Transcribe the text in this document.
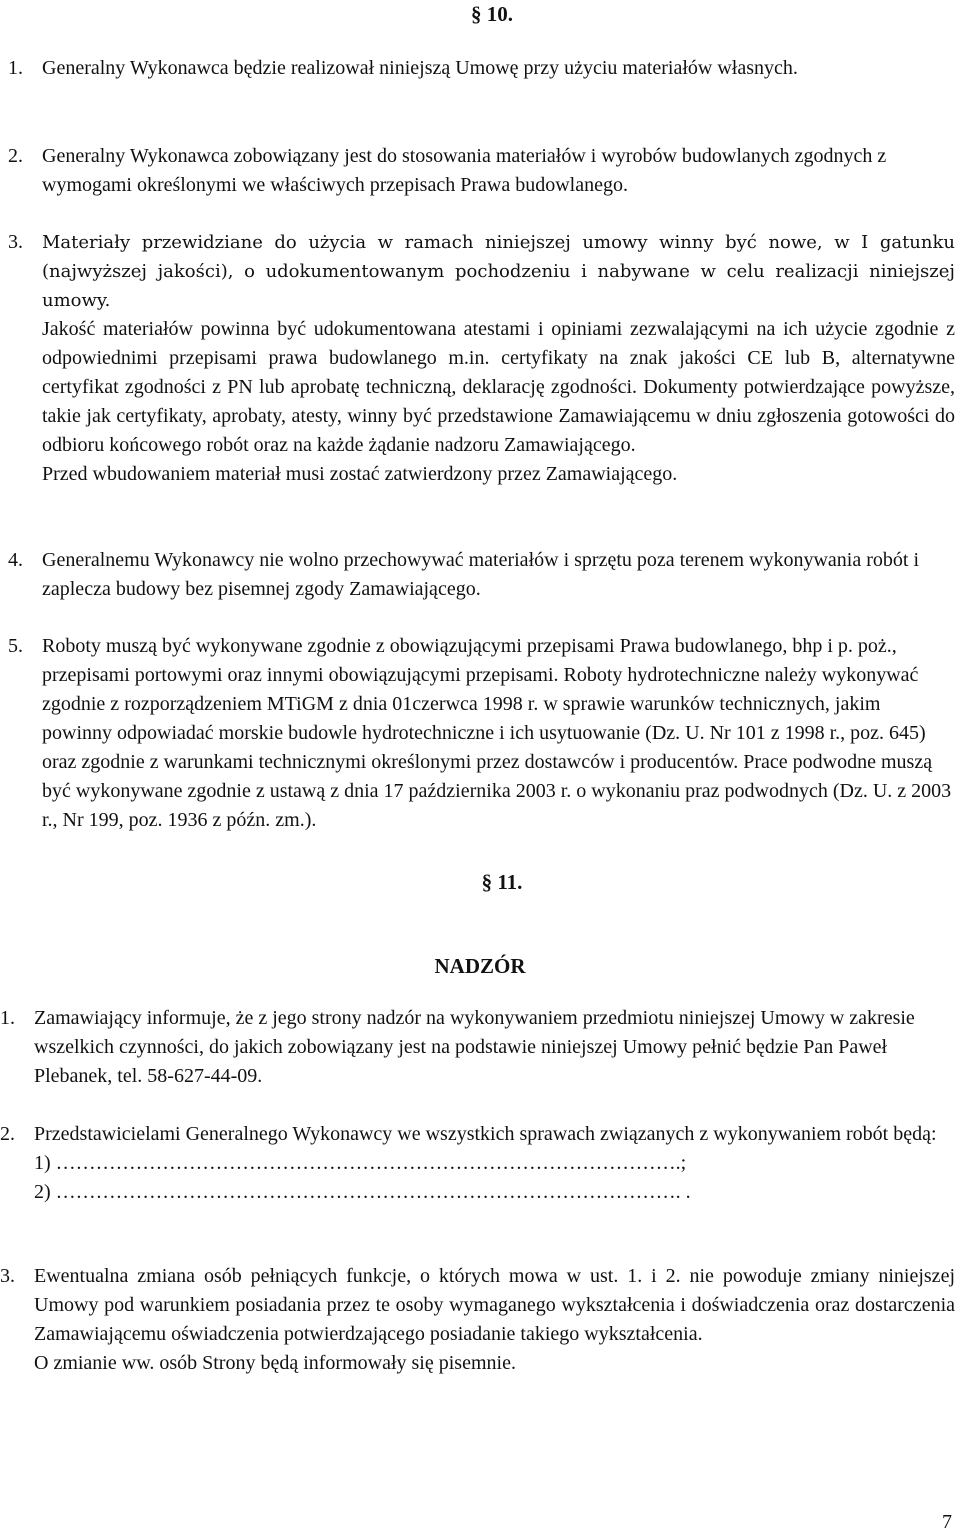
§ 10.
1. Generalny Wykonawca będzie realizował niniejszą Umowę przy użyciu materiałów własnych.

2. Generalny Wykonawca zobowiązany jest do stosowania materiałów i wyrobów budowlanych zgodnych z wymogami określonymi we właściwych przepisach Prawa budowlanego.

3. Materiały przewidziane do użycia w ramach niniejszej umowy winny być nowe, w I gatunku (najwyższej jakości), o udokumentowanym pochodzeniu i nabywane w celu realizacji niniejszej umowy.

Jakość materiałów powinna być udokumentowana atestami i opiniami zezwalającymi na ich użycie zgodnie z odpowiednimi przepisami prawa budowlanego m.in. certyfikaty na znak jakości CE lub B, alternatywne certyfikat zgodności z PN lub aprobatę techniczną, deklarację zgodności. Dokumenty potwierdzające powyższe, takie jak certyfikaty, aprobaty, atesty, winny być przedstawione Zamawiającemu w dniu zgłoszenia gotowości do odbioru końcowego robót oraz na każde żądanie nadzoru Zamawiającego.

Przed wbudowaniem materiał musi zostać zatwierdzony przez Zamawiającego.

4. Generalnemu Wykonawcy nie wolno przechowywać materiałów i sprzętu poza terenem wykonywania robót i zaplecza budowy bez pisemnej zgody Zamawiającego.

5. Roboty muszą być wykonywane zgodnie z obowiązującymi przepisami Prawa budowlanego, bhp i p. poż., przepisami portowymi oraz innymi obowiązującymi przepisami. Roboty hydrotechniczne należy wykonywać zgodnie z rozporządzeniem MTiGM z dnia 01czerwca 1998 r. w sprawie warunków technicznych, jakim powinny odpowiadać morskie budowle hydrotechniczne i ich usytuowanie (Dz. U. Nr 101 z 1998 r., poz. 645) oraz zgodnie z warunkami technicznymi określonymi przez dostawców i producentów. Prace podwodne muszą być wykonywane zgodnie z ustawą z dnia 17 października 2003 r. o wykonaniu praz podwodnych (Dz. U. z 2003 r., Nr 199, poz. 1936 z późn. zm.).

§ 11.
NADZÓR
1. Zamawiający informuje, że z jego strony nadzór na wykonywaniem przedmiotu niniejszej Umowy w zakresie wszelkich czynności, do jakich zobowiązany jest na podstawie niniejszej Umowy pełnić będzie Pan Paweł Plebanek, tel. 58-627-44-09.

2. Przedstawicielami Generalnego Wykonawcy we wszystkich sprawach związanych z wykonywaniem robót będą:

1) ………………………………………………………………………………….;
2) …………………………………………………………………………………. .
3. Ewentualna zmiana osób pełniących funkcje, o których mowa w ust. 1. i 2. nie powoduje zmiany niniejszej Umowy pod warunkiem posiadania przez te osoby wymaganego wykształcenia i doświadczenia oraz dostarczenia Zamawiającemu oświadczenia potwierdzającego posiadanie takiego wykształcenia.

O zmianie ww. osób Strony będą informowały się pisemnie.

7
